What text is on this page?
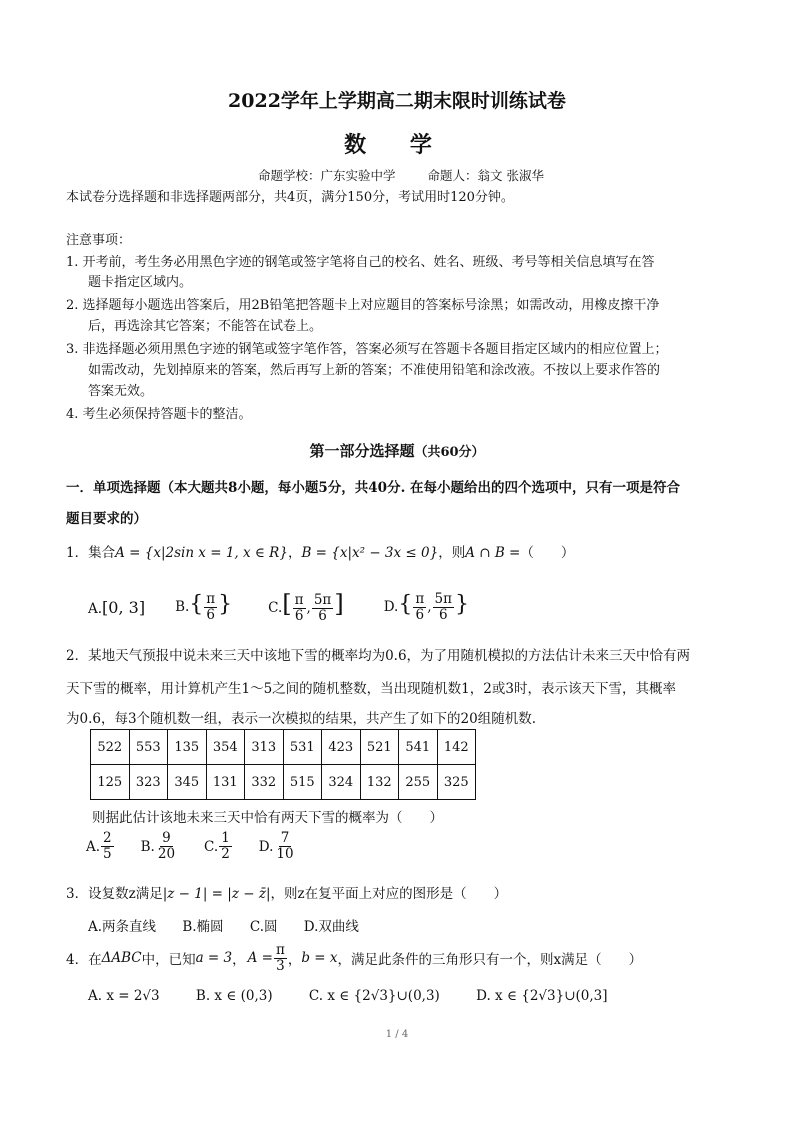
2022学年上学期高二期末限时训练试卷
数 学
命题学校：广东实验中学	命题人：翁文 张淑华
本试卷分选择题和非选择题两部分，共4页，满分150分，考试用时120分钟。
注意事项：
1. 开考前，考生务必用黑色字迹的钢笔或签字笔将自己的校名、姓名、班级、考号等相关信息填写在答
题卡指定区域内。
2. 选择题每小题选出答案后，用2B铅笔把答题卡上对应题目的答案标号涂黑；如需改动，用橡皮擦干净
后，再选涂其它答案；不能答在试卷上。
3. 非选择题必须用黑色字迹的钢笔或签字笔作答，答案必须写在答题卡各题目指定区域内的相应位置上；
如需改动，先划掉原来的答案，然后再写上新的答案；不准使用铅笔和涂改液。不按以上要求作答的
答案无效。
4. 考生必须保持答题卡的整洁。
第一部分选择题（共60分）
一．单项选择题（本大题共8小题，每小题5分，共40分. 在每小题给出的四个选项中，只有一项是符合
题目要求的）
1．集合A = {x|2sin x = 1, x ∈ R}，B = {x|x² − 3x ≤ 0}，则A ∩ B =（　　）
A.[0, 3] $B.\{ \frac{\pi}{6}$ }	$C.[ \frac{\pi}{6}$ , $\frac{5\pi}{6}$ ]	$D.\{ \frac{\pi}{6}$ , $\frac{5\pi}{6}$ }
2．某地天气预报中说未来三天中该地下雪的概率均为0.6，为了用随机模拟的方法估计未来三天中恰有两
天下雪的概率，用计算机产生1～5之间的随机整数，当出现随机数1，2或3时，表示该天下雪，其概率
为0.6，每3个随机数一组，表示一次模拟的结果，共产生了如下的20组随机数.
522	553	135	354	313	531	423	521	541	142
125	323	345	131	332	515	324	132	255	325
则据此估计该地未来三天中恰有两天下雪的概率为（　　）
A. $\frac{2}{5} B$. $\frac{9}{20} C$. $\frac{1}{2} D$. $\frac{7}{10}$
3．设复数z满足|z − 1| = |z − z̄|，则z在复平面上对应的图形是（　　）
A.两条直线 B.椭圆 C.圆 D.双曲线
4．在 ΔABC 中，已知 a = 3 ， $A = \frac{\pi}{3}$ ， b = x ，满足此条件的三角形只有一个，则x满足（　　）
A. x = 2√3	B. x ∈ (0,3)	C. x ∈ {2√3}∪(0,3)	D. x ∈ {2√3}∪(0,3]
1 / 4
